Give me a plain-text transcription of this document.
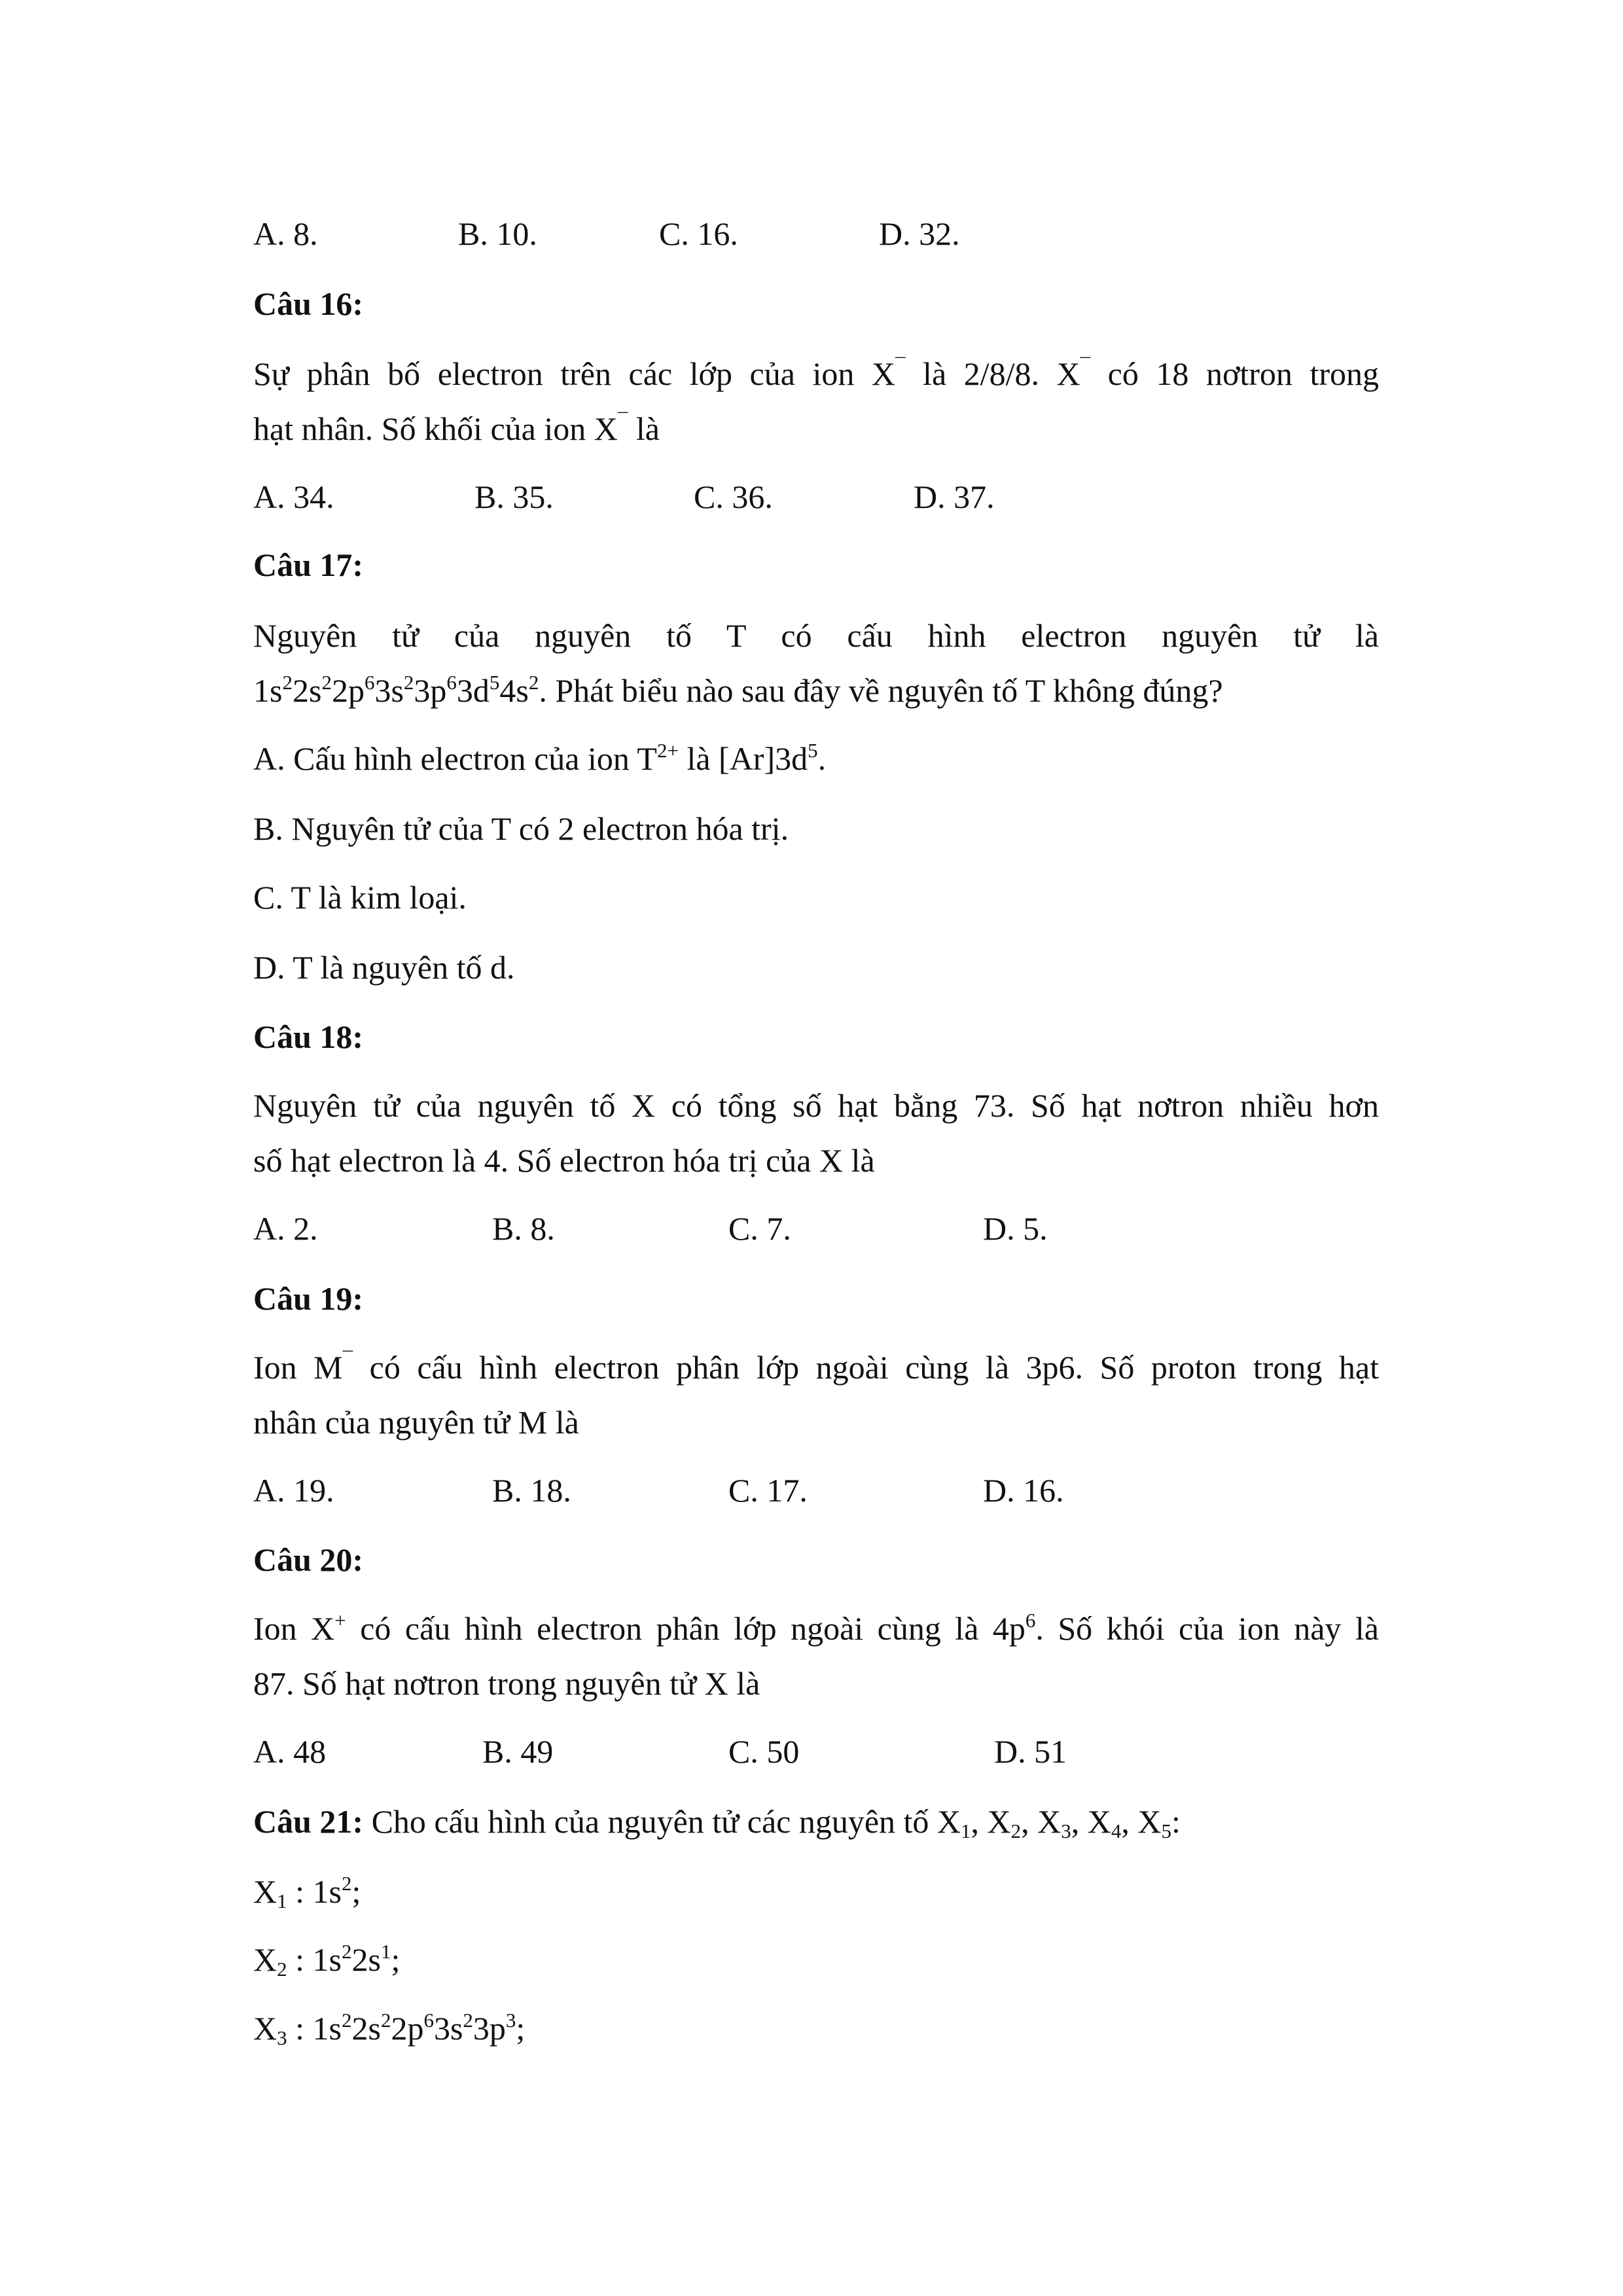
A. 8.	B. 10.	C. 16.	D. 32.
Câu 16:
Sự phân bố electron trên các lớp của ion X¯ là 2/8/8. X¯ có 18 nơtron trong
hạt nhân. Số khối của ion X¯ là
A. 34.	B. 35.	C. 36.	D. 37.
Câu 17:
Nguyên tử của nguyên tố T có cấu hình electron nguyên tử là
$1s^22s^22p^63s^23p^63d^54s^2$. Phát biểu nào sau đây về nguyên tố T không đúng?
A. Cấu hình electron của ion $T^{2+}$ là $[Ar]3d^5$.
B. Nguyên tử của T có 2 electron hóa trị.
C. T là kim loại.
D. T là nguyên tố d.
Câu 18:
Nguyên tử của nguyên tố X có tổng số hạt bằng 73. Số hạt nơtron nhiều hơn
số hạt electron là 4. Số electron hóa trị của X là
A. 2.	B. 8.	C. 7.	D. 5.
Câu 19:
Ion M¯ có cấu hình electron phân lớp ngoài cùng là 3p6. Số proton trong hạt
nhân của nguyên tử M là
A. 19.	B. 18.	C. 17.	D. 16.
Câu 20:
Ion X+ có cấu hình electron phân lớp ngoài cùng là $4p^6$. Số khói của ion này là
87. Số hạt nơtron trong nguyên tử X là
A. 48	B. 49	C. 50	D. 51
Câu 21: Cho cấu hình của nguyên tử các nguyên tố $X_1$, $X_2$, $X_3$, $X_4$, $X_5$:
$X_1$ : $1s^2$;
$X_2$ : $1s^22s^1$;
$X_3$ : $1s^22s^22p^63s^23p^3$;
